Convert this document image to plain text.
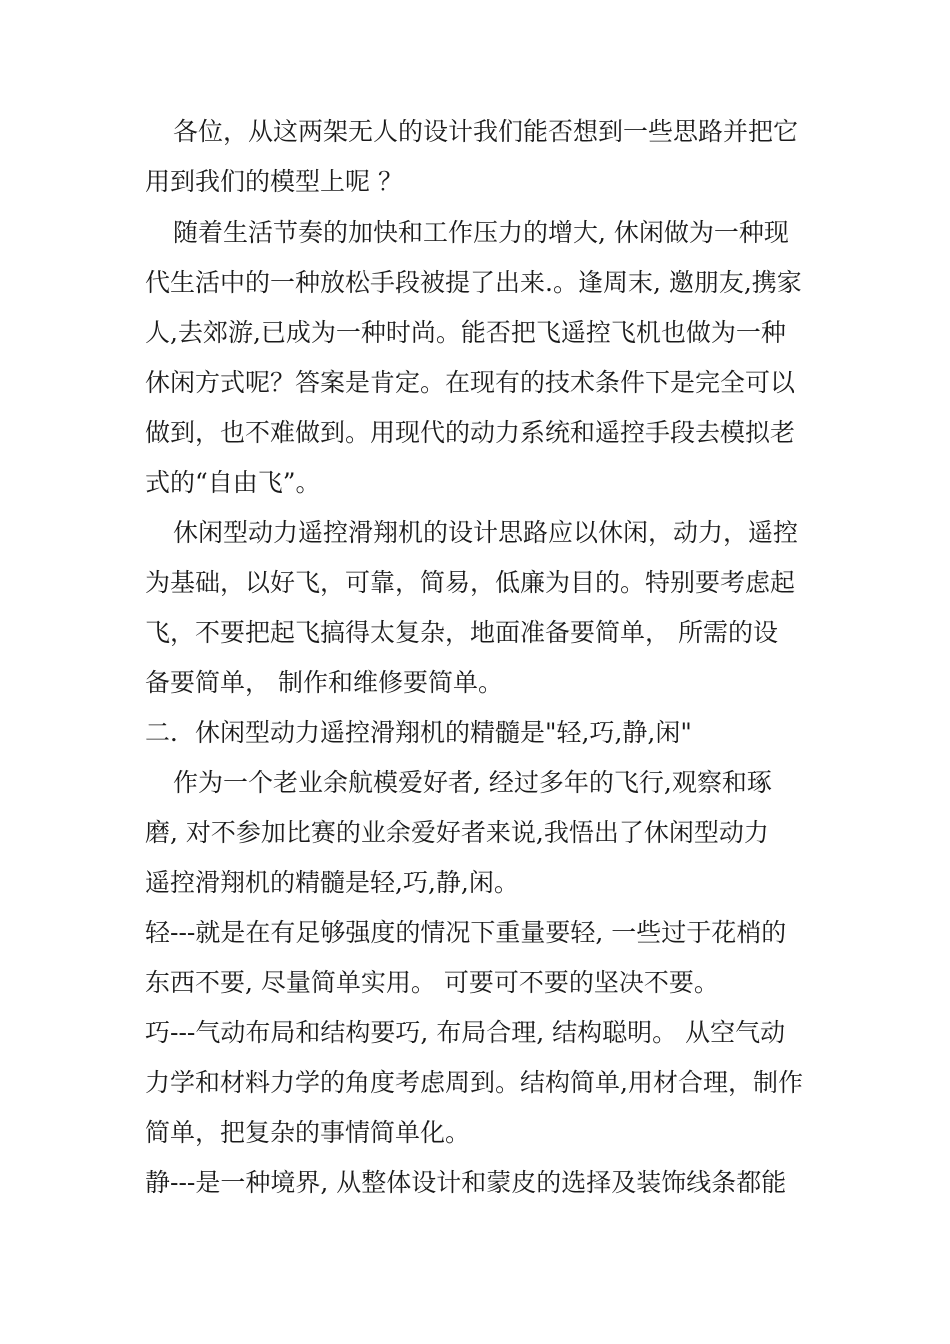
各位，从这两架无人的设计我们能否想到一些思路并把它
用到我们的模型上呢 ？
随着生活节奏的加快和工作压力的增大, 休闲做为一种现
代生活中的一种放松手段被提了出来.。逢周末, 邀朋友,携家
人,去郊游,已成为一种时尚。能否把飞遥控飞机也做为一种
休闲方式呢？答案是肯定。在现有的技术条件下是完全可以
做到，也不难做到。用现代的动力系统和遥控手段去模拟老
式的“自由飞”。
休闲型动力遥控滑翔机的设计思路应以休闲，动力，遥控
为基础，以好飞，可靠，简易，低廉为目的。特别要考虑起
飞，不要把起飞搞得太复杂，地面准备要简单， 所需的设
备要简单， 制作和维修要简单。
二．休闲型动力遥控滑翔机的精髓是"轻,巧,静,闲"
作为一个老业余航模爱好者, 经过多年的飞行,观察和琢
磨, 对不参加比赛的业余爱好者来说,我悟出了休闲型动力
遥控滑翔机的精髓是轻,巧,静,闲。
轻---就是在有足够强度的情况下重量要轻, 一些过于花梢的
东西不要, 尽量简单实用。 可要可不要的坚决不要。
巧---气动布局和结构要巧, 布局合理, 结构聪明。 从空气动
力学和材料力学的角度考虑周到。结构简单,用材合理，制作
简单，把复杂的事情简单化。
静---是一种境界, 从整体设计和蒙皮的选择及装饰线条都能
